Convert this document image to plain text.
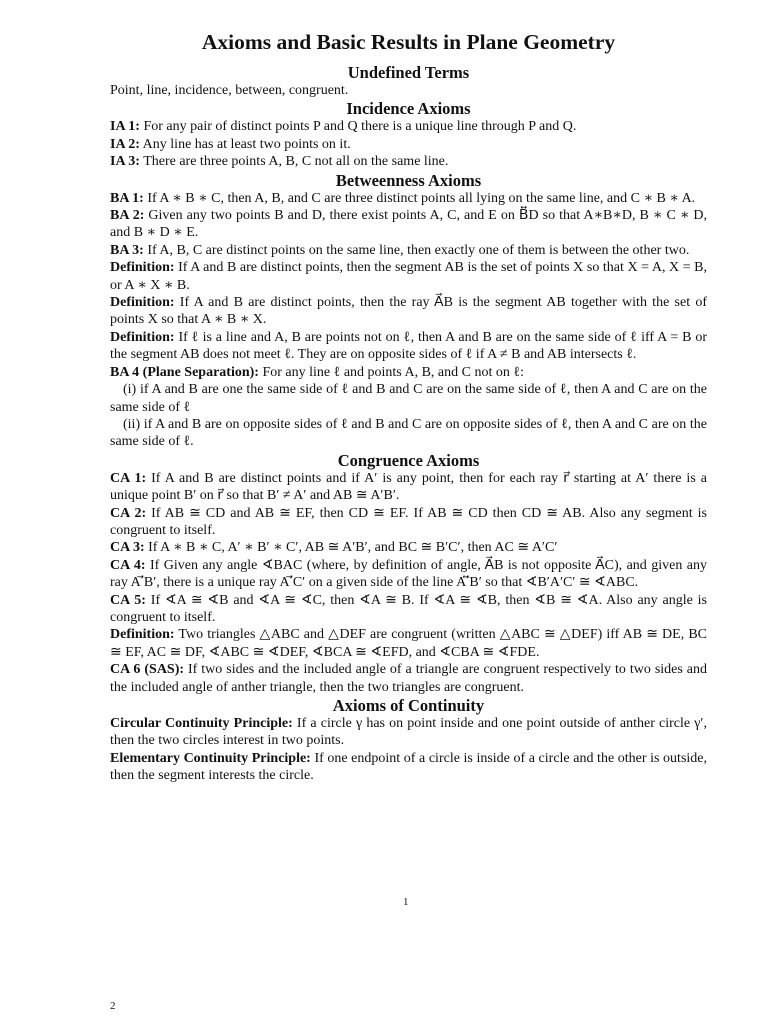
Axioms and Basic Results in Plane Geometry
Undefined Terms

Point, line, incidence, between, congruent.

Incidence Axioms

IA 1: For any pair of distinct points P and Q there is a unique line through P and Q.

IA 2: Any line has at least two points on it.

IA 3: There are three points A, B, C not all on the same line.

Betweenness Axioms

BA 1: If A ∗ B ∗ C, then A, B, and C are three distinct points all lying on the same line, and C ∗ B ∗ A.

BA 2: Given any two points B and D, there exist points A, C, and E on B⃡D so that A∗B∗D, B ∗ C ∗ D, and B ∗ D ∗ E.

BA 3: If A, B, C are distinct points on the same line, then exactly one of them is between the other two.

Definition: If A and B are distinct points, then the segment AB is the set of points X so that X = A, X = B, or A ∗ X ∗ B.

Definition: If A and B are distinct points, then the ray A⃗B is the segment AB together with the set of points X so that A ∗ B ∗ X.

Definition: If ℓ is a line and A, B are points not on ℓ, then A and B are on the same side of ℓ iff A = B or the segment AB does not meet ℓ. They are on opposite sides of ℓ if A ≠ B and AB intersects ℓ.

BA 4 (Plane Separation): For any line ℓ and points A, B, and C not on ℓ:

(i) if A and B are one the same side of ℓ and B and C are on the same side of ℓ, then A and C are on the same side of ℓ

(ii) if A and B are on opposite sides of ℓ and B and C are on opposite sides of ℓ, then A and C are on the same side of ℓ.

Congruence Axioms

CA 1: If A and B are distinct points and if A′ is any point, then for each ray r⃗ starting at A′ there is a unique point B′ on r⃗ so that B′ ≠ A′ and AB ≅ A′B′.

CA 2: If AB ≅ CD and AB ≅ EF, then CD ≅ EF. If AB ≅ CD then CD ≅ AB. Also any segment is congruent to itself.

CA 3: If A ∗ B ∗ C, A′ ∗ B′ ∗ C′, AB ≅ A′B′, and BC ≅ B′C′, then AC ≅ A′C′

CA 4: If Given any angle ∢BAC (where, by definition of angle, A⃗B is not opposite A⃗C), and given any ray A′⃗B′, there is a unique ray A′⃗C′ on a given side of the line A′⃡B′ so that ∢B′A′C′ ≅ ∢ABC.

CA 5: If ∢A ≅ ∢B and ∢A ≅ ∢C, then ∢A ≅ B. If ∢A ≅ ∢B, then ∢B ≅ ∢A. Also any angle is congruent to itself.

Definition: Two triangles △ABC and △DEF are congruent (written △ABC ≅ △DEF) iff AB ≅ DE, BC ≅ EF, AC ≅ DF, ∢ABC ≅ ∢DEF, ∢BCA ≅ ∢EFD, and ∢CBA ≅ ∢FDE.

CA 6 (SAS): If two sides and the included angle of a triangle are congruent respectively to two sides and the included angle of anther triangle, then the two triangles are congruent.

Axioms of Continuity

Circular Continuity Principle: If a circle γ has on point inside and one point outside of anther circle γ′, then the two circles interest in two points.

Elementary Continuity Principle: If one endpoint of a circle is inside of a circle and the other is outside, then the segment interests the circle.

1
2
